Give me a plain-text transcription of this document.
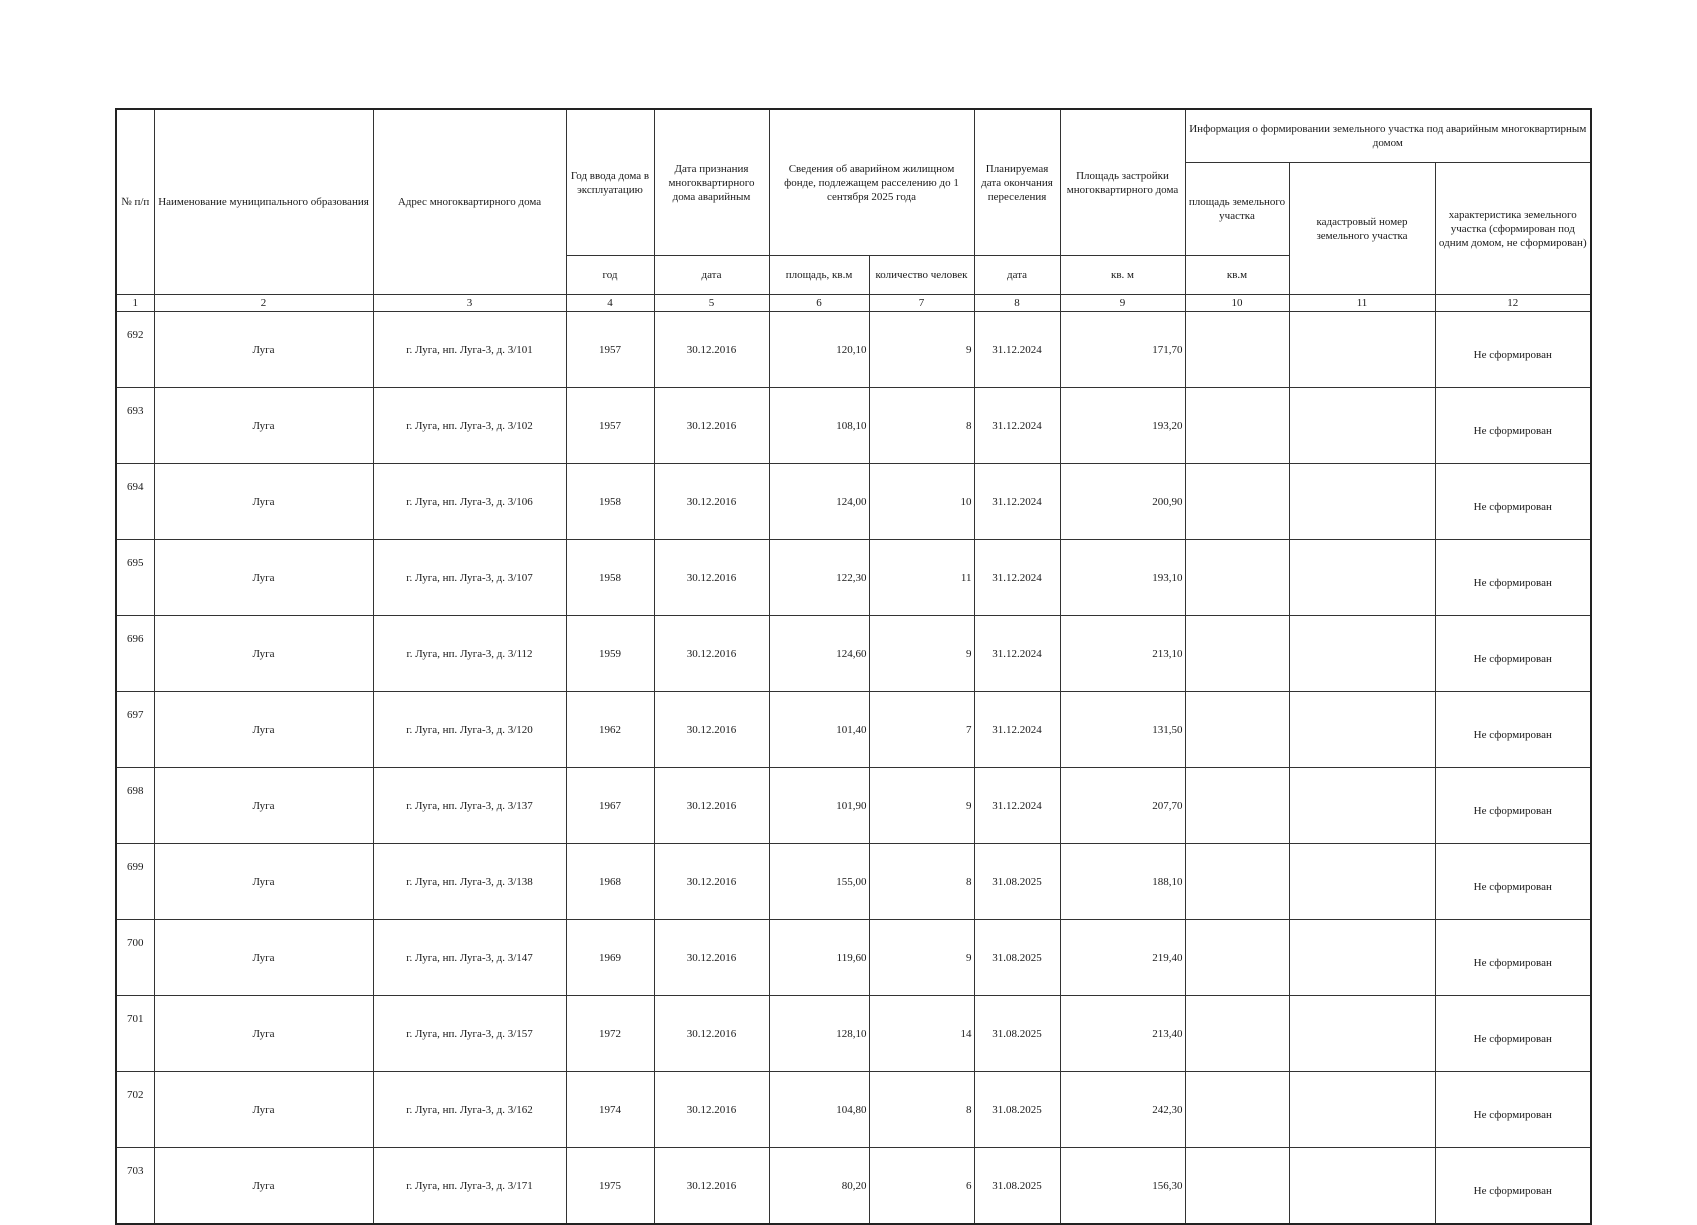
№ п/п	Наименование муниципального образования	Адрес многоквартирного дома	Год ввода дома в эксплуатацию	Дата признания многоквартирного дома аварийным	Сведения об аварийном жилищном фонде, подлежащем расселению до 1 сентября 2025 года		Планируемая дата окончания переселения	Площадь застройки многоквартирного дома	Информация о формировании земельного участка под аварийным многоквартирным домом		
									площадь земельного участка	кадастровый номер земельного участка	характеристика земельного участка (сформирован под одним домом, не сформирован)
			год	дата	площадь, кв.м	количество человек	дата	кв. м	кв.м		
1	2	3	4	5	6	7	8	9	10	11	12
692	Луга	г. Луга, нп. Луга-3, д. 3/101	1957	30.12.2016	120,10	9	31.12.2024	171,70			Не сформирован
693	Луга	г. Луга, нп. Луга-3, д. 3/102	1957	30.12.2016	108,10	8	31.12.2024	193,20			Не сформирован
694	Луга	г. Луга, нп. Луга-3, д. 3/106	1958	30.12.2016	124,00	10	31.12.2024	200,90			Не сформирован
695	Луга	г. Луга, нп. Луга-3, д. 3/107	1958	30.12.2016	122,30	11	31.12.2024	193,10			Не сформирован
696	Луга	г. Луга, нп. Луга-3, д. 3/112	1959	30.12.2016	124,60	9	31.12.2024	213,10			Не сформирован
697	Луга	г. Луга, нп. Луга-3, д. 3/120	1962	30.12.2016	101,40	7	31.12.2024	131,50			Не сформирован
698	Луга	г. Луга, нп. Луга-3, д. 3/137	1967	30.12.2016	101,90	9	31.12.2024	207,70			Не сформирован
699	Луга	г. Луга, нп. Луга-3, д. 3/138	1968	30.12.2016	155,00	8	31.08.2025	188,10			Не сформирован
700	Луга	г. Луга, нп. Луга-3, д. 3/147	1969	30.12.2016	119,60	9	31.08.2025	219,40			Не сформирован
701	Луга	г. Луга, нп. Луга-3, д. 3/157	1972	30.12.2016	128,10	14	31.08.2025	213,40			Не сформирован
702	Луга	г. Луга, нп. Луга-3, д. 3/162	1974	30.12.2016	104,80	8	31.08.2025	242,30			Не сформирован
703	Луга	г. Луга, нп. Луга-3, д. 3/171	1975	30.12.2016	80,20	6	31.08.2025	156,30			Не сформирован
